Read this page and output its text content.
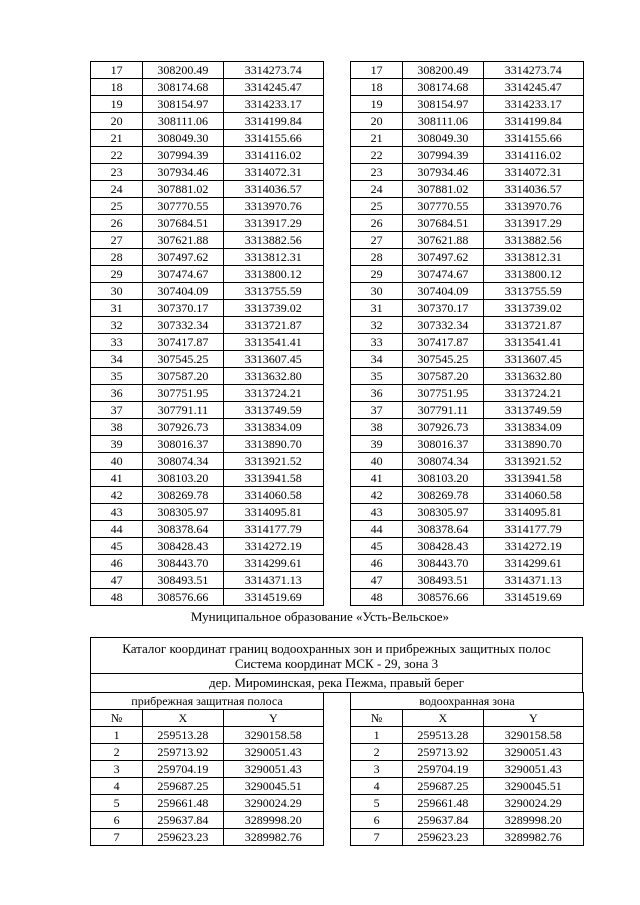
17	308200.49	3314273.74
18	308174.68	3314245.47
19	308154.97	3314233.17
20	308111.06	3314199.84
21	308049.30	3314155.66
22	307994.39	3314116.02
23	307934.46	3314072.31
24	307881.02	3314036.57
25	307770.55	3313970.76
26	307684.51	3313917.29
27	307621.88	3313882.56
28	307497.62	3313812.31
29	307474.67	3313800.12
30	307404.09	3313755.59
31	307370.17	3313739.02
32	307332.34	3313721.87
33	307417.87	3313541.41
34	307545.25	3313607.45
35	307587.20	3313632.80
36	307751.95	3313724.21
37	307791.11	3313749.59
38	307926.73	3313834.09
39	308016.37	3313890.70
40	308074.34	3313921.52
41	308103.20	3313941.58
42	308269.78	3314060.58
43	308305.97	3314095.81
44	308378.64	3314177.79
45	308428.43	3314272.19
46	308443.70	3314299.61
47	308493.51	3314371.13
48	308576.66	3314519.69
17	308200.49	3314273.74
18	308174.68	3314245.47
19	308154.97	3314233.17
20	308111.06	3314199.84
21	308049.30	3314155.66
22	307994.39	3314116.02
23	307934.46	3314072.31
24	307881.02	3314036.57
25	307770.55	3313970.76
26	307684.51	3313917.29
27	307621.88	3313882.56
28	307497.62	3313812.31
29	307474.67	3313800.12
30	307404.09	3313755.59
31	307370.17	3313739.02
32	307332.34	3313721.87
33	307417.87	3313541.41
34	307545.25	3313607.45
35	307587.20	3313632.80
36	307751.95	3313724.21
37	307791.11	3313749.59
38	307926.73	3313834.09
39	308016.37	3313890.70
40	308074.34	3313921.52
41	308103.20	3313941.58
42	308269.78	3314060.58
43	308305.97	3314095.81
44	308378.64	3314177.79
45	308428.43	3314272.19
46	308443.70	3314299.61
47	308493.51	3314371.13
48	308576.66	3314519.69
Муниципальное образование «Усть-Вельское»
Каталог координат границ водоохранных зон и прибрежных защитных полос
Система координат МСК - 29, зона 3
дер. Мироминская, река Пежма, правый берег
прибрежная защитная полоса		
№	X	Y
1	259513.28	3290158.58
2	259713.92	3290051.43
3	259704.19	3290051.43
4	259687.25	3290045.51
5	259661.48	3290024.29
6	259637.84	3289998.20
7	259623.23	3289982.76
водоохранная зона		
№	X	Y
1	259513.28	3290158.58
2	259713.92	3290051.43
3	259704.19	3290051.43
4	259687.25	3290045.51
5	259661.48	3290024.29
6	259637.84	3289998.20
7	259623.23	3289982.76
